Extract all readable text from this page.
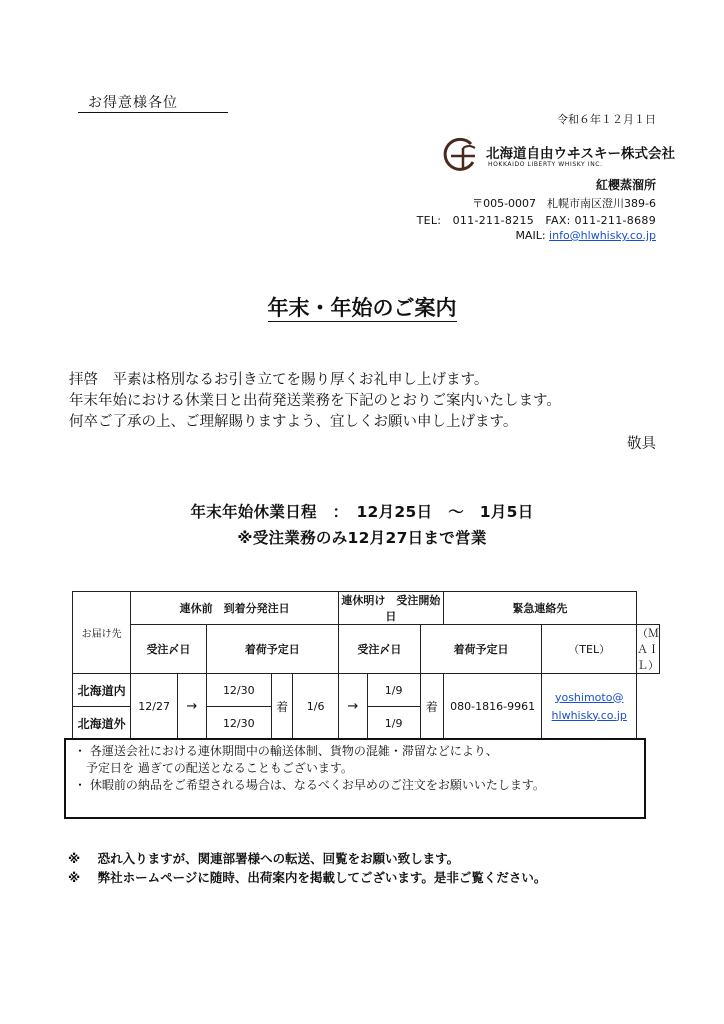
お得意様各位
令和６年１２月１日
北海道自由ウヰスキー株式会社
HOKKAIDO LIBERTY WHISKY INC.
紅櫻蒸溜所
〒005-0007　札幌市南区澄川389-6
TEL:　011-211-8215　FAX: 011-211-8689
MAIL: info@hlwhisky.co.jp
年末・年始のご案内
拝啓　平素は格別なるお引き立てを賜り厚くお礼申し上げます。
年末年始における休業日と出荷発送業務を下記のとおりご案内いたします。
何卒ご了承の上、ご理解賜りますよう、宜しくお願い申し上げます。
敬具
年末年始休業日程　：　12月25日　～　1月5日
※受注業務のみ12月27日まで営業
お届け先	連休前　到着分発注日					連休明け　受注開始日			緊急連絡先		
	受注〆日		着荷予定日			受注〆日		着荷予定日		（TEL）	（ＭＡＩＬ）
北海道内	12/27	→	12/30	着	1/6	→	1/9	着	080-1816-9961	yoshimoto@
hlwhisky.co.jp	
北海道外			12/30				1/9				

・ 各運送会社における連休期間中の輸送体制、貨物の混雑・滞留などにより、

予定日を 過ぎての配送となることもございます。

・ 休暇前の納品をご希望される場合は、なるべくお早めのご注文をお願いいたします。

※ 恐れ入りますが、関連部署様への転送、回覧をお願い致します。
※ 弊社ホームページに随時、出荷案内を掲載してございます。是非ご覧ください。
